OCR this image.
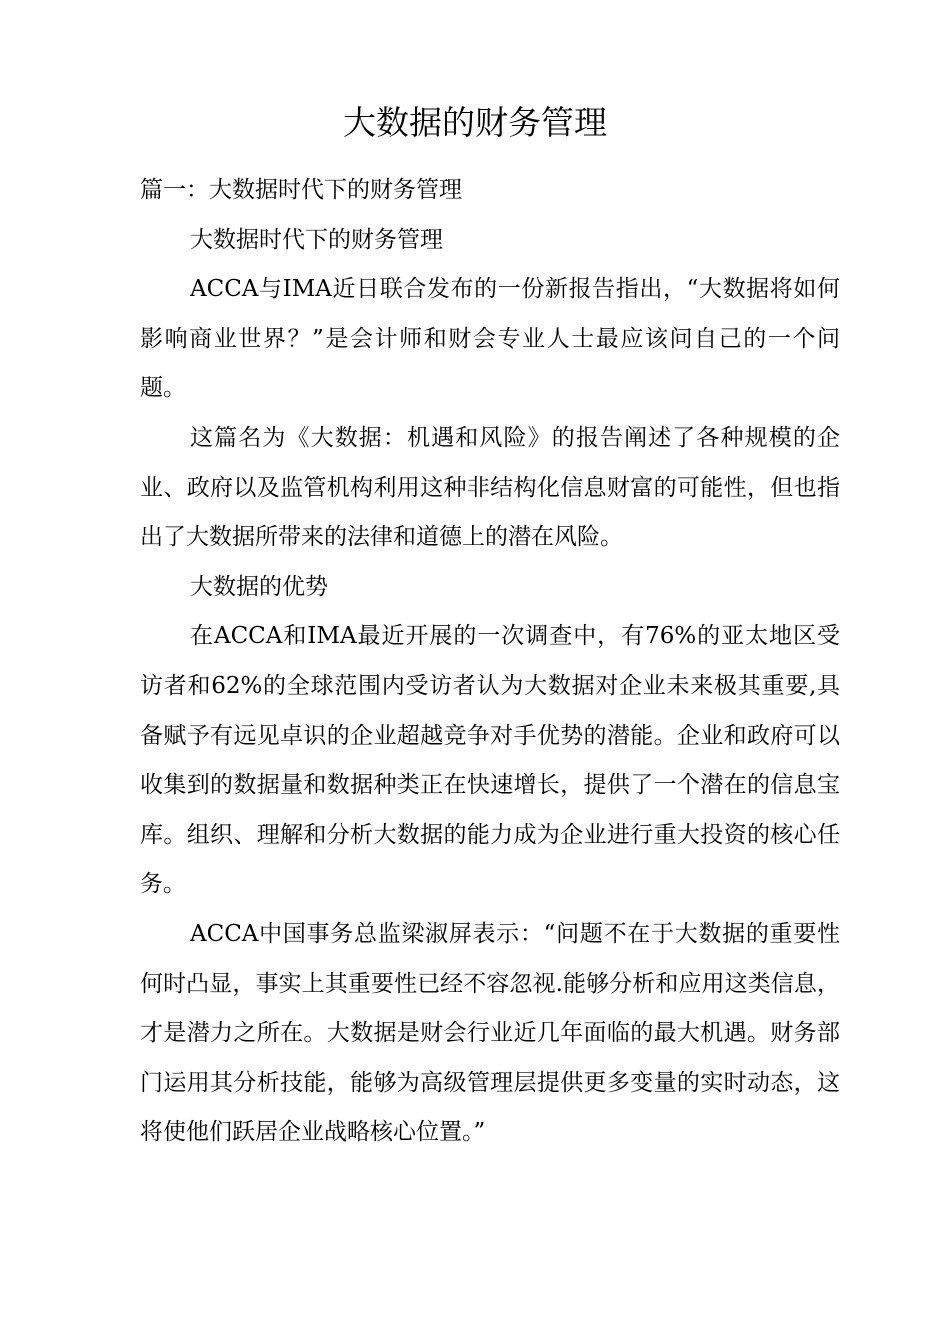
大数据的财务管理

篇一：大数据时代下的财务管理

大数据时代下的财务管理

ACCA与IMA近日联合发布的一份新报告指出，“大数据将如何影响商业世界？”是会计师和财会专业人士最应该问自己的一个问题。

这篇名为《大数据：机遇和风险》的报告阐述了各种规模的企业、政府以及监管机构利用这种非结构化信息财富的可能性，但也指出了大数据所带来的法律和道德上的潜在风险。

大数据的优势

在ACCA和IMA最近开展的一次调查中，有76%的亚太地区受访者和62%的全球范围内受访者认为大数据对企业未来极其重要,具备赋予有远见卓识的企业超越竞争对手优势的潜能。企业和政府可以收集到的数据量和数据种类正在快速增长，提供了一个潜在的信息宝库。组织、理解和分析大数据的能力成为企业进行重大投资的核心任务。

ACCA中国事务总监梁淑屏表示：“问题不在于大数据的重要性何时凸显，事实上其重要性已经不容忽视.能够分析和应用这类信息，才是潜力之所在。大数据是财会行业近几年面临的最大机遇。财务部门运用其分析技能，能够为高级管理层提供更多变量的实时动态，这将使他们跃居企业战略核心位置。”
